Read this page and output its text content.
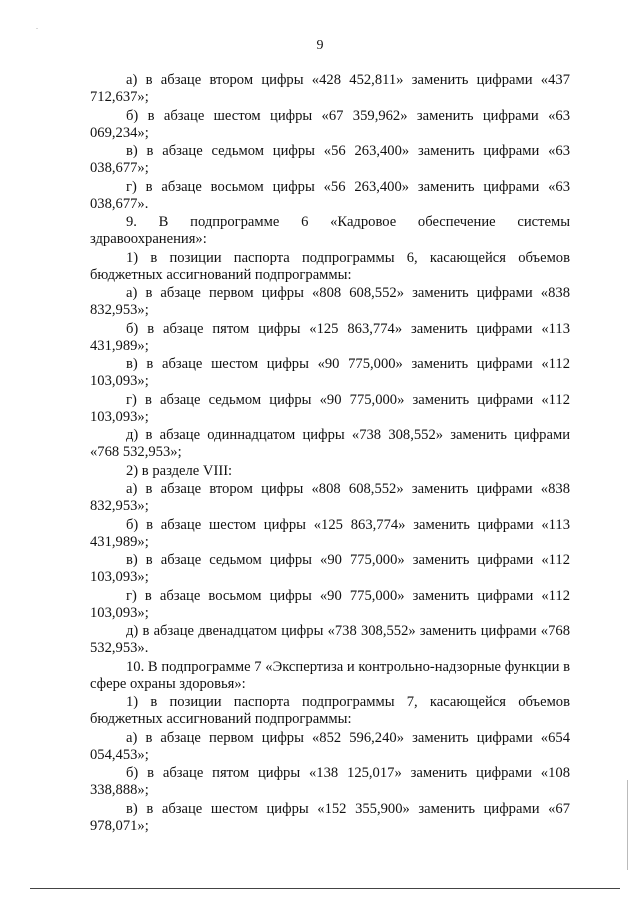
.
9

а) в абзаце втором цифры «428 452,811» заменить цифрами «437 712,637»;

б) в абзаце шестом цифры «67 359,962» заменить цифрами «63 069,234»;

в) в абзаце седьмом цифры «56 263,400» заменить цифрами «63 038,677»;

г) в абзаце восьмом цифры «56 263,400» заменить цифрами «63 038,677».

9. В подпрограмме 6 «Кадровое обеспечение системы здравоохранения»:

1) в позиции паспорта подпрограммы 6, касающейся объемов бюджетных ассигнований подпрограммы:

а) в абзаце первом цифры «808 608,552» заменить цифрами «838 832,953»;

б) в абзаце пятом цифры «125 863,774» заменить цифрами «113 431,989»;

в) в абзаце шестом цифры «90 775,000» заменить цифрами «112 103,093»;

г) в абзаце седьмом цифры «90 775,000» заменить цифрами «112 103,093»;

д) в абзаце одиннадцатом цифры «738 308,552» заменить цифрами «768 532,953»;

2) в разделе VIII:

а) в абзаце втором цифры «808 608,552» заменить цифрами «838 832,953»;

б) в абзаце шестом цифры «125 863,774» заменить цифрами «113 431,989»;

в) в абзаце седьмом цифры «90 775,000» заменить цифрами «112 103,093»;

г) в абзаце восьмом цифры «90 775,000» заменить цифрами «112 103,093»;

д) в абзаце двенадцатом цифры «738 308,552» заменить цифрами «768 532,953».

10. В подпрограмме 7 «Экспертиза и контрольно-надзорные функции в сфере охраны здоровья»:

1) в позиции паспорта подпрограммы 7, касающейся объемов бюджетных ассигнований подпрограммы:

а) в абзаце первом цифры «852 596,240» заменить цифрами «654 054,453»;

б) в абзаце пятом цифры «138 125,017» заменить цифрами «108 338,888»;

в) в абзаце шестом цифры «152 355,900» заменить цифрами «67 978,071»;
